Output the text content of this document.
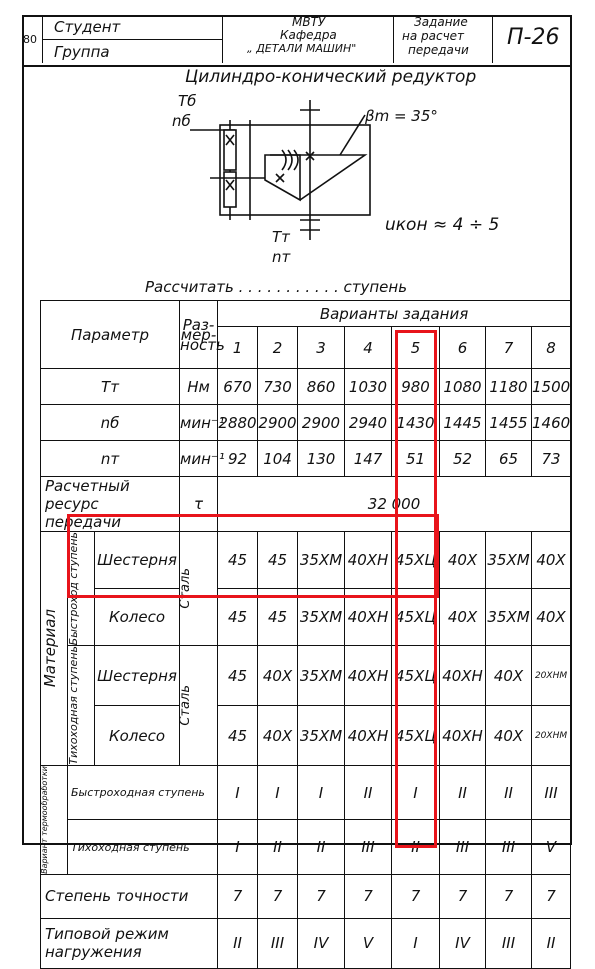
80
Студент
Группа
МВТУ
Кафедра
„ ДЕТАЛИ МАШИН"
Задание
на расчет
передачи П-26
Цилиндро-конический редуктор
Tб
nб	βm = 35°
uкон ≈ 4 ÷ 5
Tт
nт
Рассчитать . . . . . . . . . . . ступень
Параметр			Раз-мер-ность	Варианты задания							
				1	2	3	4	5	6	7	8
Tт			Нм	670	730	860	1030	980	1080	1180	1500
nб			мин⁻¹	2880	2900	2900	2940	1430	1445	1455	1460
nт			мин⁻¹	92	104	130	147	51	52	65	73
Расчетный ресурс передачи			τ	32 000							

Материал	Быстроход ступень	Шестерня	Сталь	45	45	35ХМ	40ХН	45ХЦ	40Х	35ХМ	40Х
		Колесо		45	45	35ХМ	40ХН	45ХЦ	40Х	35ХМ	40Х

	Тихоходная ступень	Шестерня	Сталь	45	40Х	35ХМ	40ХН	45ХЦ	40ХН	40Х	20ХНМ
		Колесо		45	40Х	35ХМ	40ХН	45ХЦ	40ХН	40Х	20ХНМ

Вариант термообработки	Быстроходная ступень			I	I	I	II	I	II	II	III
	Тихоходная ступень			I	II	II	III	II	III	III	V
Степень точности				7	7	7	7	7	7	7	7
Типовой режим нагружения				II	III	IV	V	I	IV	III	II
